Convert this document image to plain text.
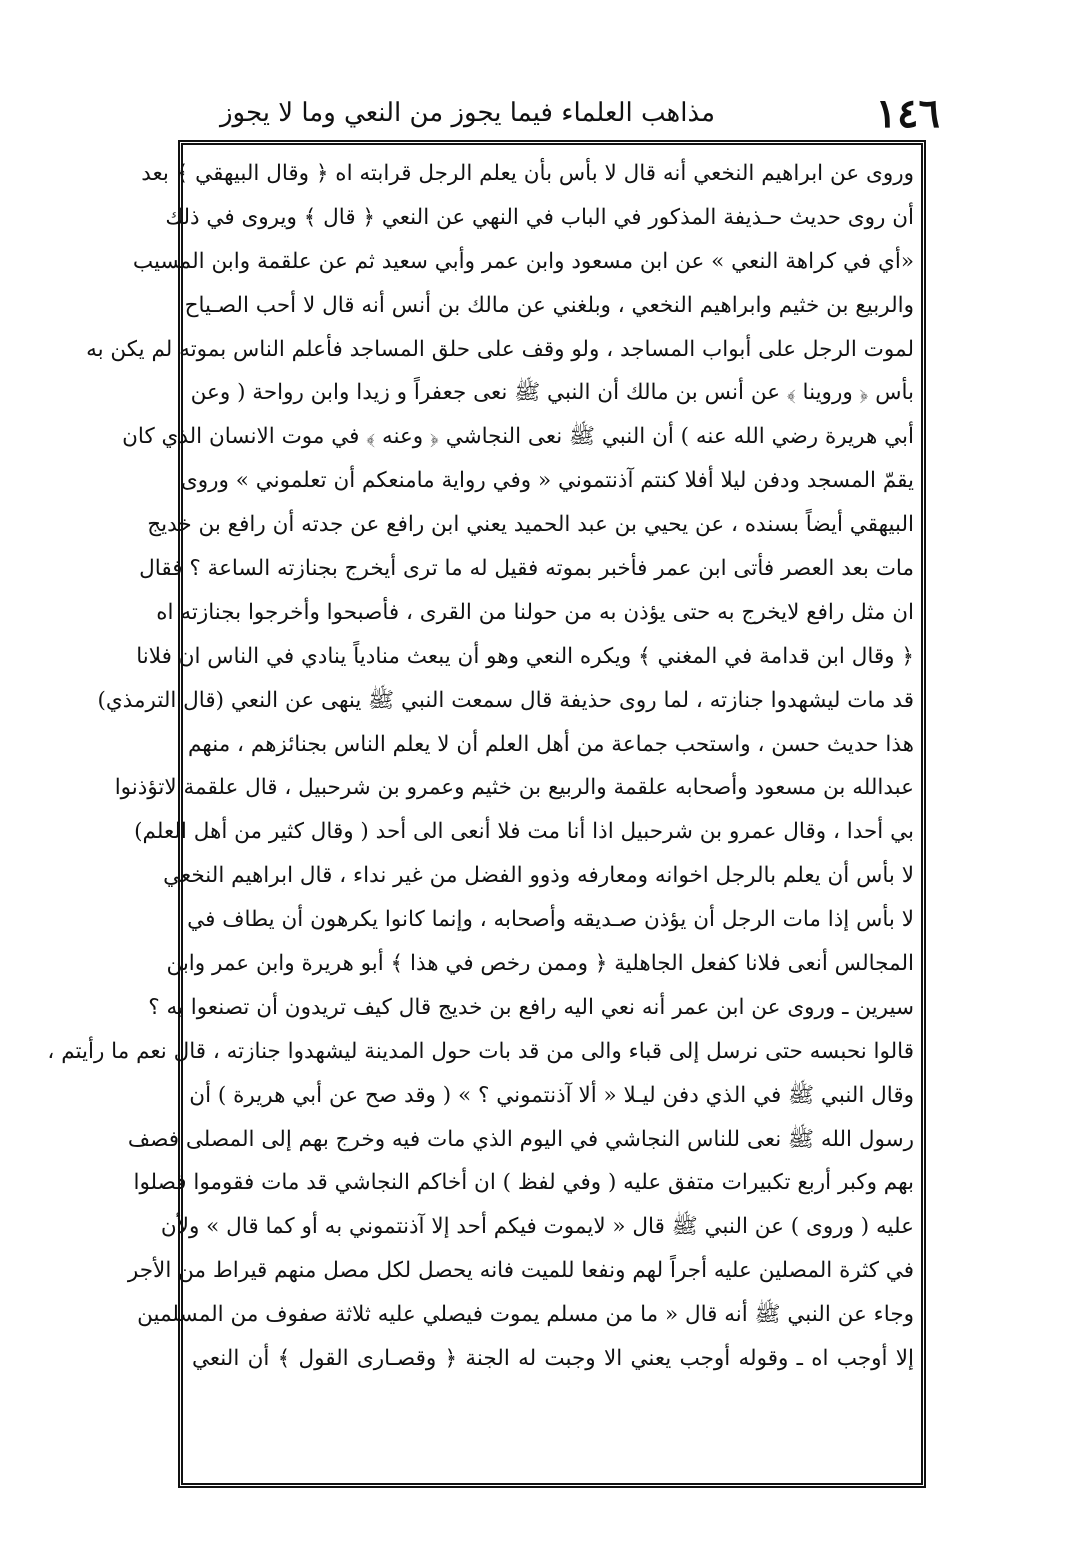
١٤٦
مذاهب العلماء فيما يجوز من النعي وما لا يجوز
وروى عن ابراهيم النخعي أنه قال لا بأس بأن يعلم الرجل قرابته اه ﴿ وقال البيهقي ﴾ بعد
أن روى حديث حـذيفة المذكور في الباب في النهي عن النعي ﴿ قال ﴾ ويروى في ذلك
«أي في كراهة النعي » عن ابن مسعود وابن عمر وأبي سعيد ثم عن علقمة وابن المسيب
والربيع بن خثيم وابراهيم النخعي ، وبلغني عن مالك بن أنس أنه قال لا أحب الصـياح
لموت الرجل على أبواب المساجد ، ولو وقف على حلق المساجد فأعلم الناس بموته لم يكن به
بأس ﴿ وروينا ﴾ عن أنس بن مالك أن النبي ﷺ نعى جعفراً و زيدا وابن رواحة ( وعن
أبي هريرة رضي الله عنه ) أن النبي ﷺ نعى النجاشي ﴿ وعنه ﴾ في موت الانسان الذي كان
يقمّ المسجد ودفن ليلا أفلا كنتم آذنتموني « وفي رواية مامنعكم أن تعلموني » وروى
البيهقي أيضاً بسنده ، عن يحيي بن عبد الحميد يعني ابن رافع عن جدته أن رافع بن خديج
مات بعد العصر فأتى ابن عمر فأخبر بموته فقيل له ما ترى أيخرج بجنازته الساعة ؟ فقال
ان مثل رافع لايخرج به حتى يؤذن به من حولنا من القرى ، فأصبحوا وأخرجوا بجنازته اه
﴿ وقال ابن قدامة في المغني ﴾ ويكره النعي وهو أن يبعث منادياً ينادي في الناس ان فلانا
قد مات ليشهدوا جنازته ، لما روى حذيفة قال سمعت النبي ﷺ ينهى عن النعي (قال الترمذي)
هذا حديث حسن ، واستحب جماعة من أهل العلم أن لا يعلم الناس بجنائزهم ، منهم
عبدالله بن مسعود وأصحابه علقمة والربيع بن خثيم وعمرو بن شرحبيل ، قال علقمة لاتؤذنوا
بي أحدا ، وقال عمرو بن شرحبيل اذا أنا مت فلا أنعى الى أحد ( وقال كثير من أهل العلم)
لا بأس أن يعلم بالرجل اخوانه ومعارفه وذوو الفضل من غير نداء ، قال ابراهيم النخعي
لا بأس إذا مات الرجل أن يؤذن صـديقه وأصحابه ، وإنما كانوا يكرهون أن يطاف في
المجالس أنعى فلانا كفعل الجاهلية ﴿ وممن رخص في هذا ﴾ أبو هريرة وابن عمر وابن
سيرين ـ وروى عن ابن عمر أنه نعي اليه رافع بن خديج قال كيف تريدون أن تصنعوا به ؟
قالوا نحبسه حتى نرسل إلى قباء والى من قد بات حول المدينة ليشهدوا جنازته ، قال نعم ما رأيتم ،
وقال النبي ﷺ في الذي دفن ليـلا « ألا آذنتموني ؟ » ( وقد صح عن أبي هريرة ) أن
رسول الله ﷺ نعى للناس النجاشي في اليوم الذي مات فيه وخرج بهم إلى المصلى فصف
بهم وكبر أربع تكبيرات متفق عليه ( وفي لفظ ) ان أخاكم النجاشي قد مات فقوموا فصلوا
عليه ( وروى ) عن النبي ﷺ قال « لايموت فيكم أحد إلا آذنتموني به أو كما قال » ولأن
في كثرة المصلين عليه أجراً لهم ونفعا للميت فانه يحصل لكل مصل منهم قيراط من الأجر
وجاء عن النبي ﷺ أنه قال « ما من مسلم يموت فيصلي عليه ثلاثة صفوف من المسلمين
إلا أوجب اه ـ وقوله أوجب يعني الا وجبت له الجنة ﴿ وقصـارى القول ﴾ أن النعي
